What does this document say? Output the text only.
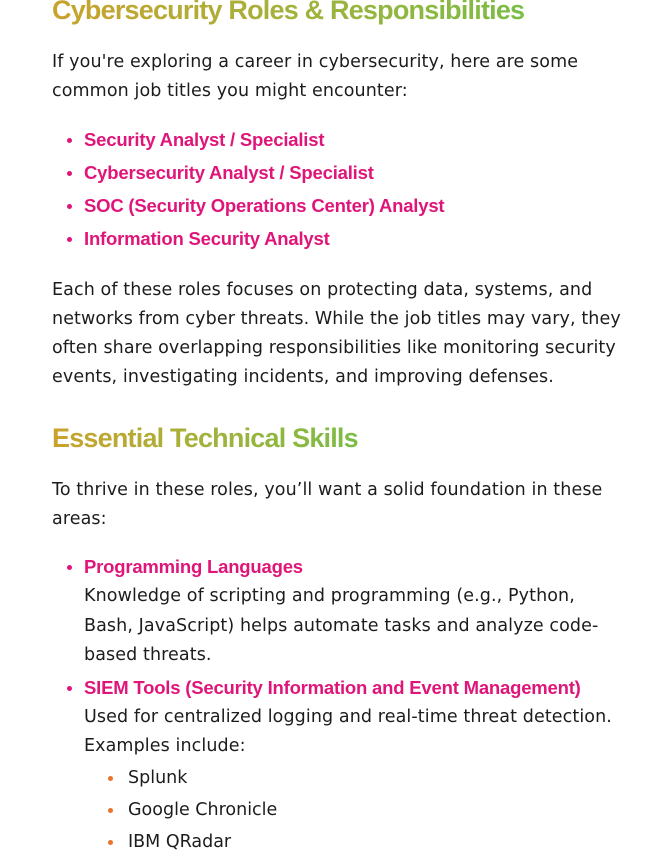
Cybersecurity Roles & Responsibilities

If you're exploring a career in cybersecurity, here are some common job titles you might encounter:

Security Analyst / Specialist
Cybersecurity Analyst / Specialist
SOC (Security Operations Center) Analyst
Information Security Analyst

Each of these roles focuses on protecting data, systems, and networks from cyber threats. While the job titles may vary, they often share overlapping responsibilities like monitoring security events, investigating incidents, and improving defenses.

Essential Technical Skills

To thrive in these roles, you’ll want a solid foundation in these areas:

Programming Languages
Knowledge of scripting and programming (e.g., Python, Bash, JavaScript) helps automate tasks and analyze code-based threats.
SIEM Tools (Security Information and Event Management)
Used for centralized logging and real-time threat detection. Examples include:
Splunk
Google Chronicle
IBM QRadar
